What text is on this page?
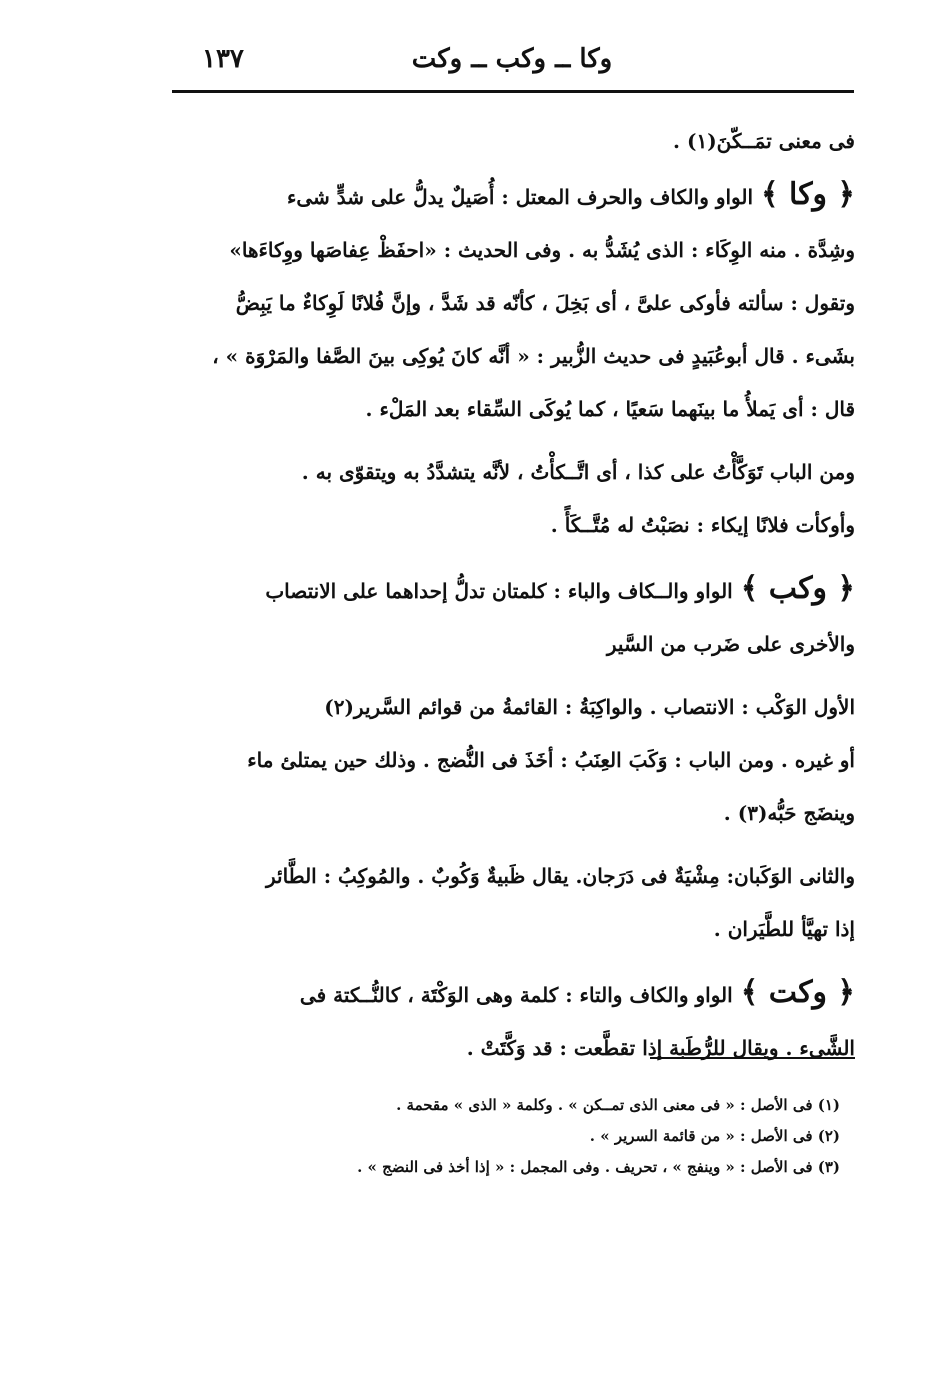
١٣٧	وكا ــ وكب ــ وكت

فى معنى تمَــكّنَ(١) .

﴿ وكا ﴾الواو والكاف والحرف المعتل : أُصَيلٌ يدلُّ على شدٍّ شىء

وشِدَّة . منه الوِكَاء : الذى يُشَدُّ به . وفى الحديث : «احفَظْ عِفاصَها ووِكاءَها»

وتقول : سألته فأوكى علىَّ ، أى بَخِلَ ، كأنّه قد شَدَّ ، وإنَّ فُلانًا لَوِكاءٌ ما يَبِضُّ

بشَىء . قال أبوعُبَيدٍ فى حديث الزُّبير : « أنَّه كانَ يُوكِى بينَ الصَّفا والمَرْوَة » ،

قال : أى يَملأُ ما بينَهما سَعيًا ، كما يُوكَى السِّقاء بعد المَلْء .

ومن الباب تَوَكَّأْتُ على كذا ، أى اتَّــكأْتُ ، لأنَّه يتشدَّدُ به ويتقوّى به .

وأوكأت فلانًا إيكاء : نصَبْتُ له مُتَّــكَأً .

﴿ وكب ﴾الواو والــكاف والباء : كلمتان تدلُّ إحداهما على الانتصاب

والأخرى على ضَرب من السَّير

الأول الوَكْب : الانتصاب . والواكِبَةُ : القائمةُ من قوائم السَّرير(٢)

أو غيره . ومن الباب : وَكَبَ العِنَبُ : أخَذَ فى النُّضج . وذلك حين يمتلئ ماء

وينضَج حَبُّه(٣) .

والثانى الوَكَبان: مِشْيَةٌ فى دَرَجان. يقال ظَبيةٌ وَكُوبٌ . والمُوكِبُ : الطَّائر

إذا تهيَّأ للطَّيَران .

﴿ وكت ﴾الواو والكاف والتاء : كلمة وهى الوَكْتَة ، كالنُّــكتة فى

الشَّىء . ويقال للرُّطَبة إذا تقطَّعت : قد وَكَّتَتْ .

(١) فى الأصل : « فى معنى الذى تمــكن » . وكلمة « الذى » مقحمة .

(٢) فى الأصل : « من قائمة السرير » .

(٣) فى الأصل : « وينفج » ، تحريف . وفى المجمل : « إذا أخذ فى النضج » .
